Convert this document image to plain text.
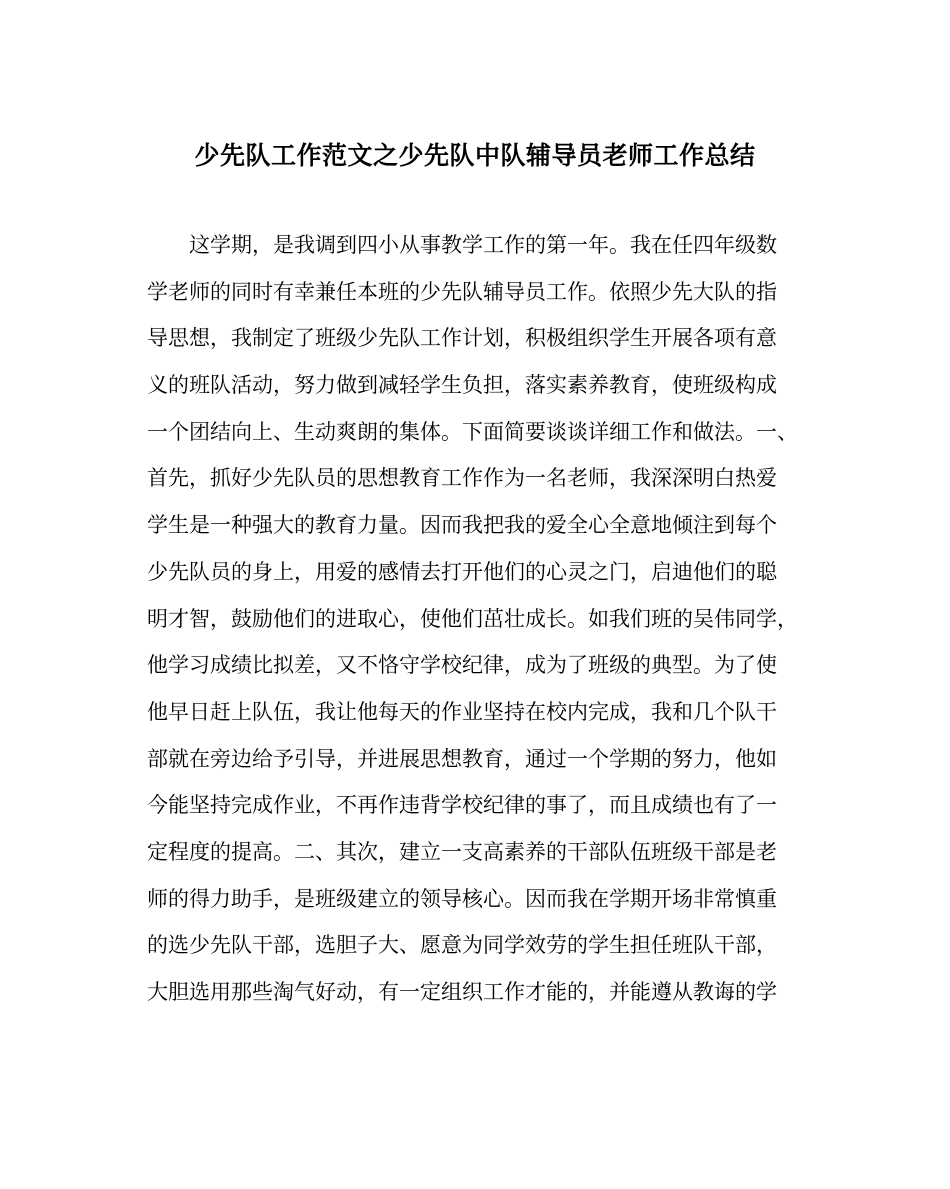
少先队工作范文之少先队中队辅导员老师工作总结
这学期，是我调到四小从事教学工作的第一年。我在任四年级数
学老师的同时有幸兼任本班的少先队辅导员工作。依照少先大队的指
导思想，我制定了班级少先队工作计划，积极组织学生开展各项有意
义的班队活动，努力做到减轻学生负担，落实素养教育，使班级构成
一个团结向上、生动爽朗的集体。下面简要谈谈详细工作和做法。一、
首先，抓好少先队员的思想教育工作作为一名老师，我深深明白热爱
学生是一种强大的教育力量。因而我把我的爱全心全意地倾注到每个
少先队员的身上，用爱的感情去打开他们的心灵之门，启迪他们的聪
明才智，鼓励他们的进取心，使他们茁壮成长。如我们班的吴伟同学，
他学习成绩比拟差，又不恪守学校纪律，成为了班级的典型。为了使
他早日赶上队伍，我让他每天的作业坚持在校内完成，我和几个队干
部就在旁边给予引导，并进展思想教育，通过一个学期的努力，他如
今能坚持完成作业，不再作违背学校纪律的事了，而且成绩也有了一
定程度的提高。二、其次，建立一支高素养的干部队伍班级干部是老
师的得力助手，是班级建立的领导核心。因而我在学期开场非常慎重
的选少先队干部，选胆子大、愿意为同学效劳的学生担任班队干部，
大胆选用那些淘气好动，有一定组织工作才能的，并能遵从教诲的学
